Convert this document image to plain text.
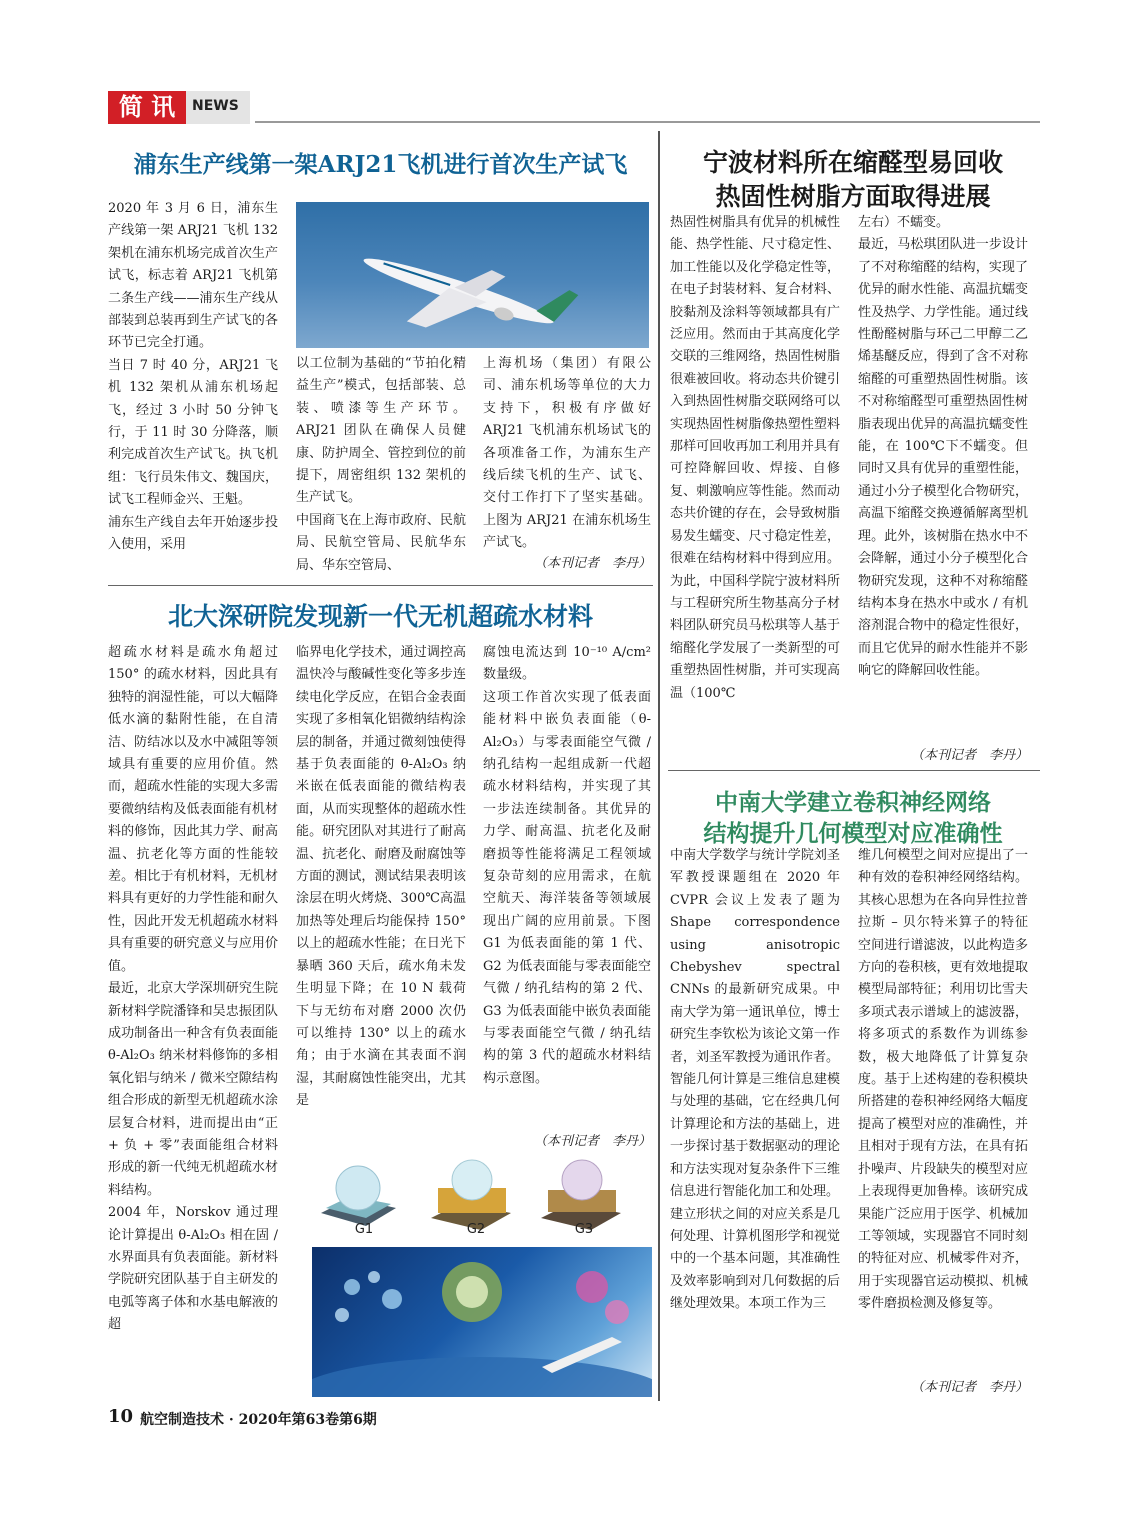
简 讯	NEWS
浦东生产线第一架ARJ21飞机进行首次生产试飞
2020 年 3 月 6 日，浦东生产线第一架 ARJ21 飞机 132 架机在浦东机场完成首次生产试飞，标志着 ARJ21 飞机第二条生产线——浦东生产线从部装到总装再到生产试飞的各环节已完全打通。
当日 7 时 40 分，ARJ21 飞机 132 架机从浦东机场起飞，经过 3 小时 50 分钟飞行，于 11 时 30 分降落，顺利完成首次生产试飞。执飞机组：飞行员朱伟文、魏国庆，试飞工程师金兴、王魁。
浦东生产线自去年开始逐步投入使用，采用
以工位制为基础的“节拍化精益生产”模式，包括部装、总装、喷漆等生产环节。ARJ21 团队在确保人员健康、防护周全、管控到位的前提下，周密组织 132 架机的生产试飞。
中国商飞在上海市政府、民航局、民航空管局、民航华东局、华东空管局、
上海机场（集团）有限公司、浦东机场等单位的大力支持下，积极有序做好 ARJ21 飞机浦东机场试飞的各项准备工作，为浦东生产线后续飞机的生产、试飞、交付工作打下了坚实基础。上图为 ARJ21 在浦东机场生产试飞。
（本刊记者　李丹）
北大深研院发现新一代无机超疏水材料
超疏水材料是疏水角超过 150° 的疏水材料，因此具有独特的润湿性能，可以大幅降低水滴的黏附性能，在自清洁、防结冰以及水中减阻等领域具有重要的应用价值。然而，超疏水性能的实现大多需要微纳结构及低表面能有机材料的修饰，因此其力学、耐高温、抗老化等方面的性能较差。相比于有机材料，无机材料具有更好的力学性能和耐久性，因此开发无机超疏水材料具有重要的研究意义与应用价值。
最近，北京大学深圳研究生院新材料学院潘锋和吴忠振团队成功制备出一种含有负表面能 θ-Al₂O₃ 纳米材料修饰的多相氧化铝与纳米 / 微米空隙结构组合形成的新型无机超疏水涂层复合材料，进而提出由“正 + 负 + 零”表面能组合材料形成的新一代纯无机超疏水材料结构。
2004 年，Norskov 通过理论计算提出 θ-Al₂O₃ 相在固 / 水界面具有负表面能。新材料学院研究团队基于自主研发的电弧等离子体和水基电解液的超
临界电化学技术，通过调控高温快冷与酸碱性变化等多步连续电化学反应，在铝合金表面实现了多相氧化铝微纳结构涂层的制备，并通过微刻蚀使得基于负表面能的 θ-Al₂O₃ 纳米嵌在低表面能的微结构表面，从而实现整体的超疏水性能。研究团队对其进行了耐高温、抗老化、耐磨及耐腐蚀等方面的测试，测试结果表明该涂层在明火烤烧、300℃高温加热等处理后均能保持 150° 以上的超疏水性能；在日光下暴晒 360 天后，疏水角未发生明显下降；在 10 N 载荷下与无纺布对磨 2000 次仍可以维持 130° 以上的疏水角；由于水滴在其表面不润湿，其耐腐蚀性能突出，尤其是
腐蚀电流达到 10⁻¹⁰ A/cm² 数量级。
这项工作首次实现了低表面能材料中嵌负表面能（θ-Al₂O₃）与零表面能空气微 / 纳孔结构一起组成新一代超疏水材料结构，并实现了其一步法连续制备。其优异的力学、耐高温、抗老化及耐磨损等性能将满足工程领域复杂苛刻的应用需求，在航空航天、海洋装备等领域展现出广阔的应用前景。下图 G1 为低表面能的第 1 代、G2 为低表面能与零表面能空气微 / 纳孔结构的第 2 代、G3 为低表面能中嵌负表面能与零表面能空气微 / 纳孔结构的第 3 代的超疏水材料结构示意图。
（本刊记者　李丹）
G1	G2	G3
宁波材料所在缩醛型易回收
热固性树脂方面取得进展
热固性树脂具有优异的机械性能、热学性能、尺寸稳定性、加工性能以及化学稳定性等，在电子封装材料、复合材料、胶黏剂及涂料等领域都具有广泛应用。然而由于其高度化学交联的三维网络，热固性树脂很难被回收。将动态共价键引入到热固性树脂交联网络可以实现热固性树脂像热塑性塑料那样可回收再加工利用并具有可控降解回收、焊接、自修复、刺激响应等性能。然而动态共价键的存在，会导致树脂易发生蠕变、尺寸稳定性差，很难在结构材料中得到应用。为此，中国科学院宁波材料所与工程研究所生物基高分子材料团队研究员马松琪等人基于缩醛化学发展了一类新型的可重塑热固性树脂，并可实现高温（100℃
左右）不蠕变。
最近，马松琪团队进一步设计了不对称缩醛的结构，实现了优异的耐水性能、高温抗蠕变性及热学、力学性能。通过线性酚醛树脂与环己二甲醇二乙烯基醚反应，得到了含不对称缩醛的可重塑热固性树脂。该不对称缩醛型可重塑热固性树脂表现出优异的高温抗蠕变性能，在 100℃下不蠕变。但同时又具有优异的重塑性能，通过小分子模型化合物研究，高温下缩醛交换遵循解离型机理。此外，该树脂在热水中不会降解，通过小分子模型化合物研究发现，这种不对称缩醛结构本身在热水中或水 / 有机溶剂混合物中的稳定性很好，而且它优异的耐水性能并不影响它的降解回收性能。
（本刊记者　李丹）
中南大学建立卷积神经网络
结构提升几何模型对应准确性
中南大学数学与统计学院刘圣军教授课题组在 2020 年 CVPR 会议上发表了题为 Shape correspondence using anisotropic Chebyshev spectral CNNs 的最新研究成果。中南大学为第一通讯单位，博士研究生李钦松为该论文第一作者，刘圣军教授为通讯作者。
智能几何计算是三维信息建模与处理的基础，它在经典几何计算理论和方法的基础上，进一步探讨基于数据驱动的理论和方法实现对复杂条件下三维信息进行智能化加工和处理。
建立形状之间的对应关系是几何处理、计算机图形学和视觉中的一个基本问题，其准确性及效率影响到对几何数据的后继处理效果。本项工作为三
维几何模型之间对应提出了一种有效的卷积神经网络结构。其核心思想为在各向异性拉普拉斯 – 贝尔特米算子的特征空间进行谱滤波，以此构造多方向的卷积核，更有效地提取模型局部特征；利用切比雪夫多项式表示谱域上的滤波器，将多项式的系数作为训练参数，极大地降低了计算复杂度。基于上述构建的卷积模块所搭建的卷积神经网络大幅度提高了模型对应的准确性，并且相对于现有方法，在具有拓扑噪声、片段缺失的模型对应上表现得更加鲁棒。该研究成果能广泛应用于医学、机械加工等领域，实现器官不同时刻的特征对应、机械零件对齐，用于实现器官运动模拟、机械零件磨损检测及修复等。
（本刊记者　李丹）
10 航空制造技术 · 2020年第63卷第6期
